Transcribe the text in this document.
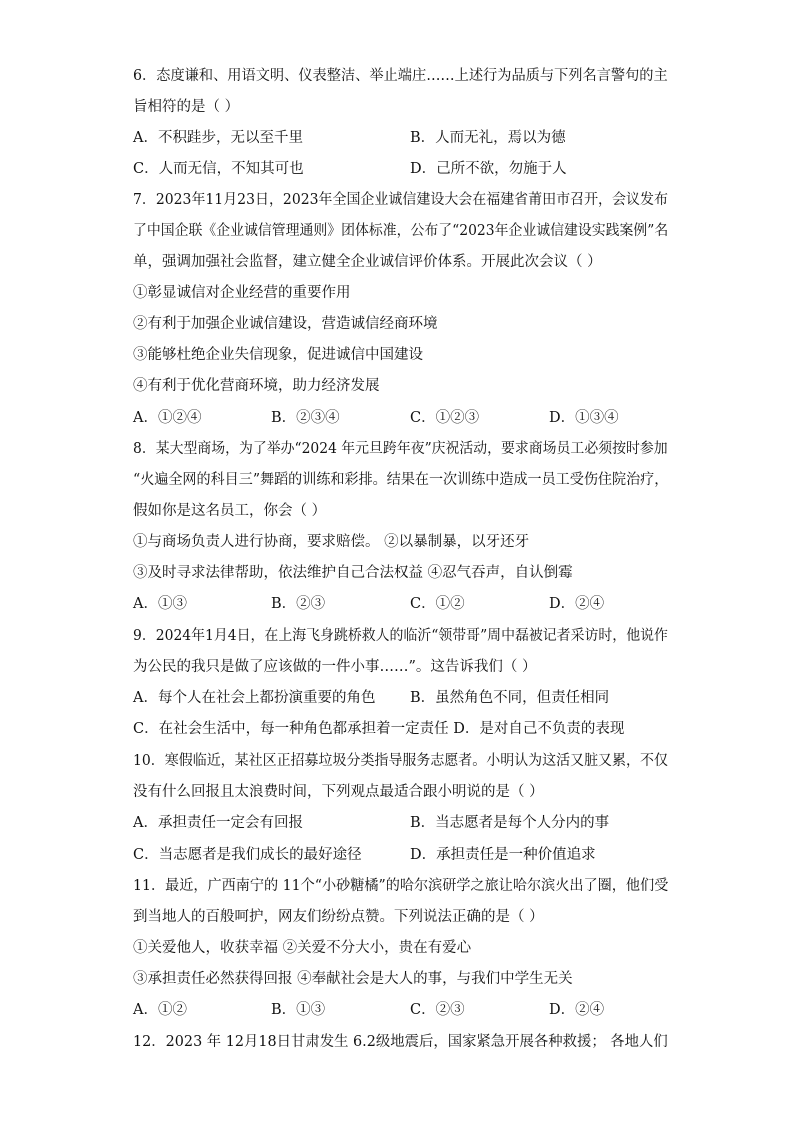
6．态度谦和、用语文明、仪表整洁、举止端庄……上述行为品质与下列名言警句的主
旨相符的是（ ）
A．不积跬步，无以至千里	B．人而无礼，焉以为德
C．人而无信，不知其可也	D．己所不欲，勿施于人
7．2023年11月23日，2023年全国企业诚信建设大会在福建省莆田市召开，会议发布
了中国企联《企业诚信管理通则》团体标准，公布了“2023年企业诚信建设实践案例”名
单，强调加强社会监督，建立健全企业诚信评价体系。开展此次会议（ ）
①彰显诚信对企业经营的重要作用
②有利于加强企业诚信建设，营造诚信经商环境
③能够杜绝企业失信现象，促进诚信中国建设
④有利于优化营商环境，助力经济发展
A．①②④	B．②③④	C．①②③	D．①③④
8．某大型商场，为了举办“2024 年元旦跨年夜”庆祝活动，要求商场员工必须按时参加
“火遍全网的科目三”舞蹈的训练和彩排。结果在一次训练中造成一员工受伤住院治疗，
假如你是这名员工，你会（ ）
①与商场负责人进行协商，要求赔偿。 ②以暴制暴，以牙还牙
③及时寻求法律帮助，依法维护自己合法权益 ④忍气吞声，自认倒霉
A．①③	B．②③	C．①②	D．②④
9．2024年1月4日，在上海飞身跳桥救人的临沂“领带哥”周中磊被记者采访时，他说作
为公民的我只是做了应该做的一件小事……”。这告诉我们（ ）
A．每个人在社会上都扮演重要的角色 B．虽然角色不同，但责任相同
C．在社会生活中，每一种角色都承担着一定责任 D．是对自己不负责的表现
10．寒假临近，某社区正招募垃圾分类指导服务志愿者。小明认为这活又脏又累，不仅
没有什么回报且太浪费时间，下列观点最适合跟小明说的是（ ）
A．承担责任一定会有回报	B．当志愿者是每个人分内的事
C．当志愿者是我们成长的最好途径	D．承担责任是一种价值追求
11．最近，广西南宁的 11个“小砂糖橘”的哈尔滨研学之旅让哈尔滨火出了圈，他们受
到当地人的百般呵护，网友们纷纷点赞。下列说法正确的是（ ）
①关爱他人，收获幸福 ②关爱不分大小，贵在有爱心
③承担责任必然获得回报 ④奉献社会是大人的事，与我们中学生无关
A．①②	B．①③	C．②③	D．②④
12．2023 年 12月18日甘肃发生 6.2级地震后，国家紧急开展各种救援； 各地人们
